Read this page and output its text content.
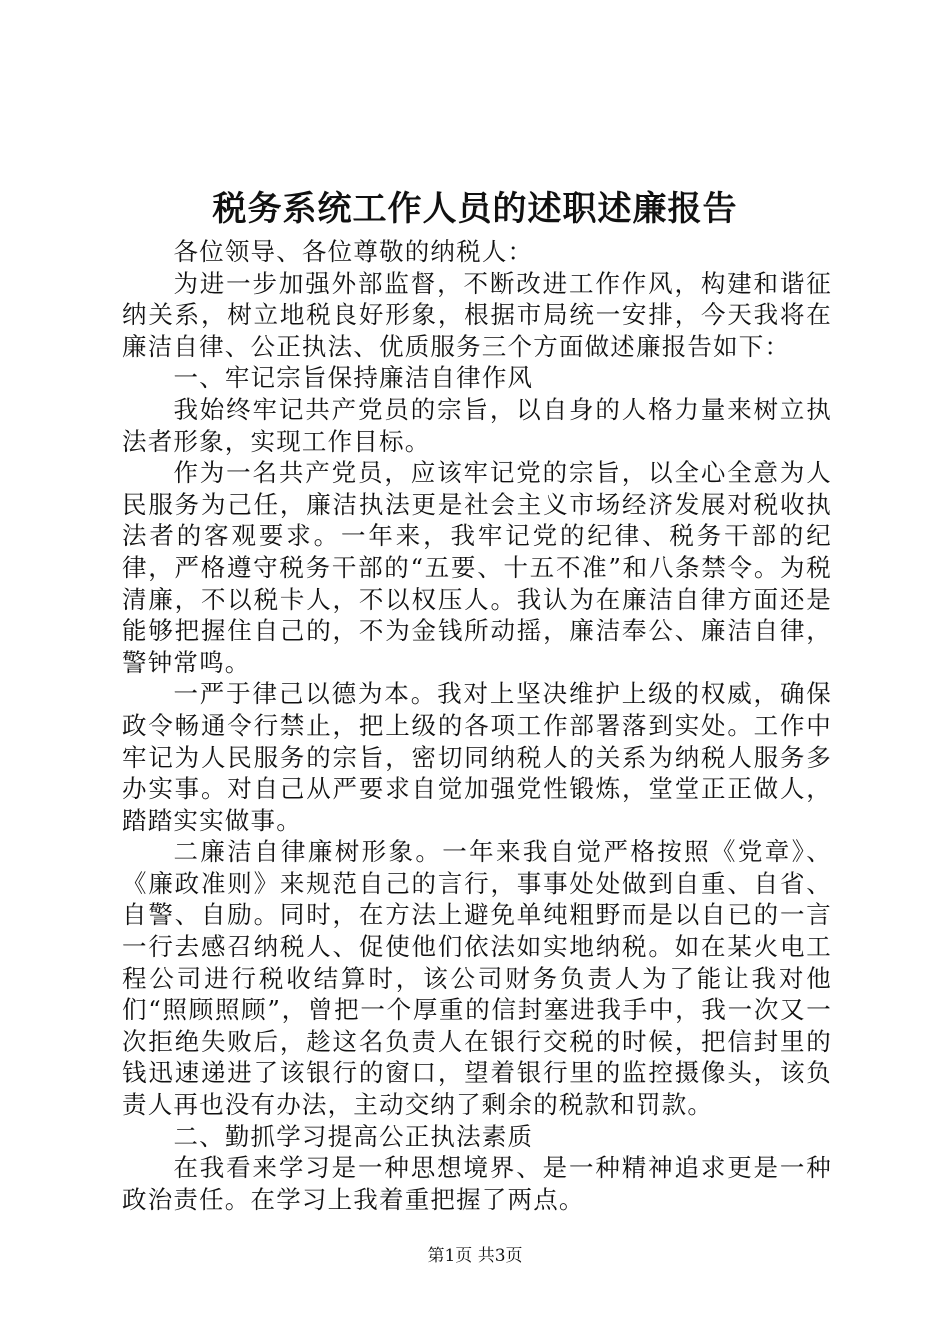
税务系统工作人员的述职述廉报告

各位领导、各位尊敬的纳税人：

为进一步加强外部监督，不断改进工作作风，构建和谐征纳关系，树立地税良好形象，根据市局统一安排，今天我将在廉洁自律、公正执法、优质服务三个方面做述廉报告如下：

一、牢记宗旨保持廉洁自律作风

我始终牢记共产党员的宗旨，以自身的人格力量来树立执法者形象，实现工作目标。

作为一名共产党员，应该牢记党的宗旨，以全心全意为人民服务为己任，廉洁执法更是社会主义市场经济发展对税收执法者的客观要求。一年来，我牢记党的纪律、税务干部的纪律，严格遵守税务干部的“五要、十五不准”和八条禁令。为税清廉，不以税卡人，不以权压人。我认为在廉洁自律方面还是能够把握住自己的，不为金钱所动摇，廉洁奉公、廉洁自律，警钟常鸣。

一严于律己以德为本。我对上坚决维护上级的权威，确保政令畅通令行禁止，把上级的各项工作部署落到实处。工作中牢记为人民服务的宗旨，密切同纳税人的关系为纳税人服务多办实事。对自己从严要求自觉加强党性锻炼，堂堂正正做人，踏踏实实做事。

二廉洁自律廉树形象。一年来我自觉严格按照《党章》、《廉政准则》来规范自己的言行，事事处处做到自重、自省、自警、自励。同时，在方法上避免单纯粗野而是以自已的一言一行去感召纳税人、促使他们依法如实地纳税。如在某火电工程公司进行税收结算时，该公司财务负责人为了能让我对他们“照顾照顾”，曾把一个厚重的信封塞进我手中，我一次又一次拒绝失败后，趁这名负责人在银行交税的时候，把信封里的钱迅速递进了该银行的窗口，望着银行里的监控摄像头，该负责人再也没有办法，主动交纳了剩余的税款和罚款。

二、勤抓学习提高公正执法素质

在我看来学习是一种思想境界、是一种精神追求更是一种政治责任。在学习上我着重把握了两点。

第1页 共3页
